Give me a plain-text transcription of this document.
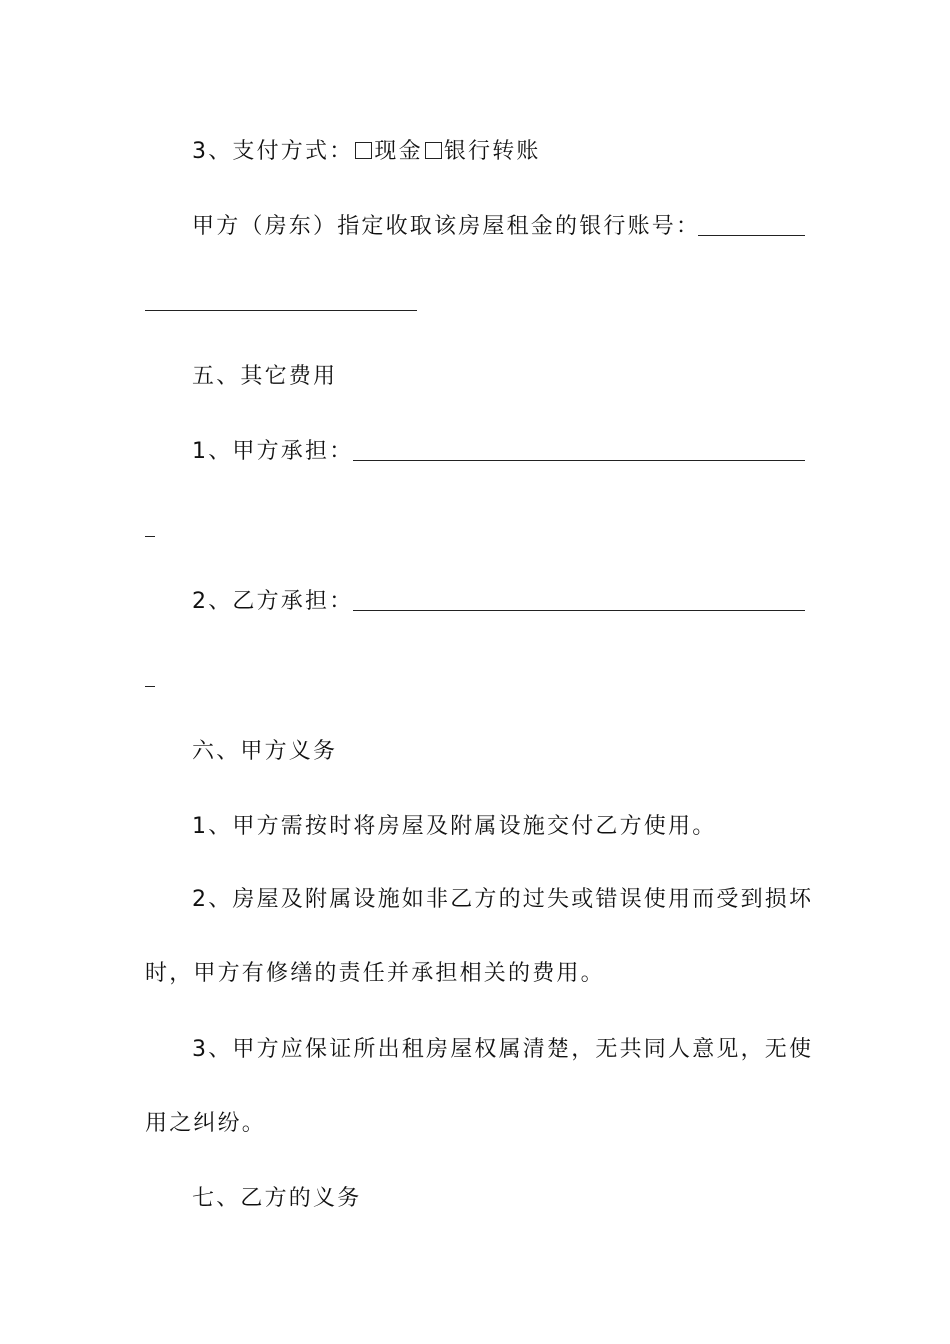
3、支付方式： 现金 银行转账
甲方（房东）指定收取该房屋租金的银行账号：
五、其它费用
1、甲方承担：
2、乙方承担：
六、甲方义务
1、甲方需按时将房屋及附属设施交付乙方使用。
2、房屋及附属设施如非乙方的过失或错误使用而受到损坏
时，甲方有修缮的责任并承担相关的费用。
3、甲方应保证所出租房屋权属清楚，无共同人意见，无使
用之纠纷。
七、乙方的义务
